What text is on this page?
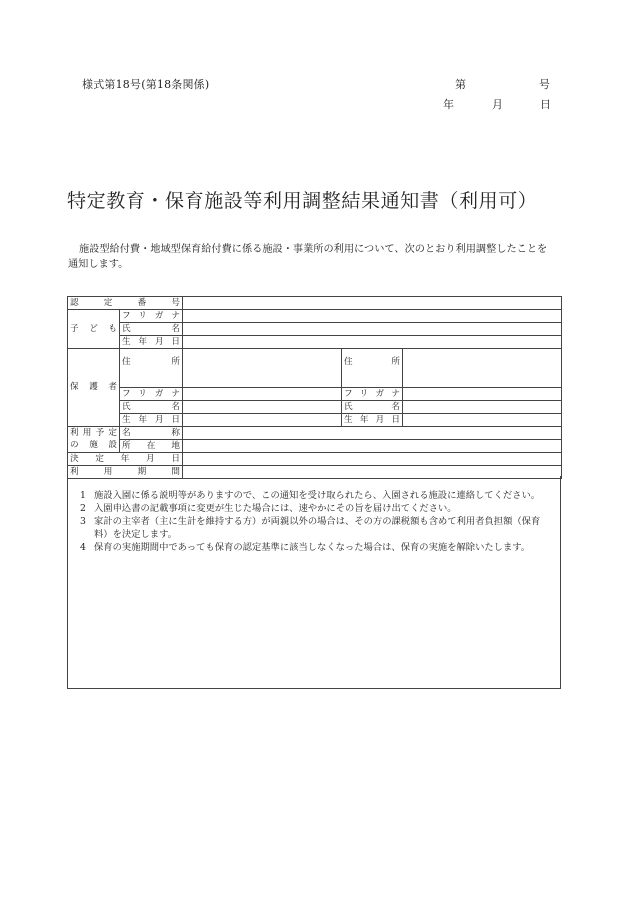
様式第18号(第18条関係)	第	号
年	月	日
特定教育・保育施設等利用調整結果通知書（利用可）
施設型給付費・地域型保育給付費に係る施設・事業所の利用について、次のとおり利用調整したことを通知します。
認定番号				
子ども	フリガナ			
	氏名			
	生年月日			
保護者	住所		住所	
	フリガナ		フリガナ	
	氏名		氏名	
	生年月日		生年月日	
利用予定	名称			
の施設	所在地			
決定年月日				
利用期間				
1 施設入園に係る説明等がありますので、この通知を受け取られたら、入園される施設に連絡してください。
2 入園申込書の記載事項に変更が生じた場合には、速やかにその旨を届け出てください。
3 家計の主宰者（主に生計を維持する方）が両親以外の場合は、その方の課税額も含めて利用者負担額（保育料）を決定します。
4 保育の実施期間中であっても保育の認定基準に該当しなくなった場合は、保育の実施を解除いたします。
